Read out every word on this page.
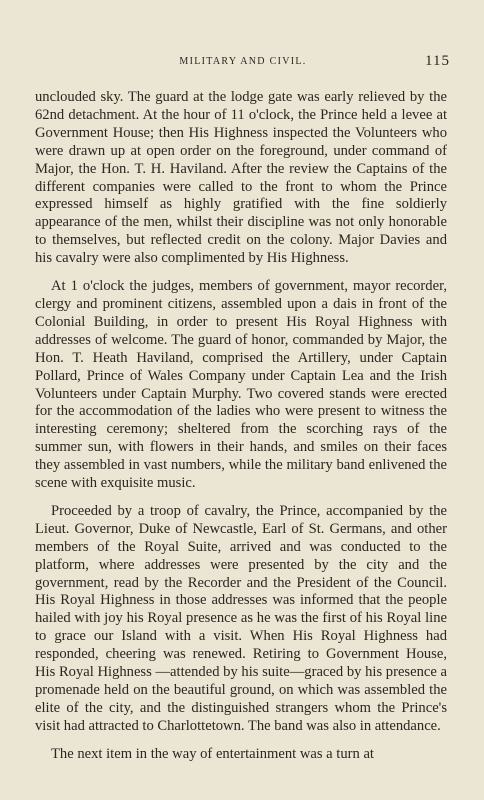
MILITARY AND CIVIL.	115

unclouded sky. The guard at the lodge gate was early relieved by the 62nd detachment. At the hour of 11 o'clock, the Prince held a levee at Government House; then His Highness inspected the Volunteers who were drawn up at open order on the foreground, under command of Major, the Hon. T. H. Haviland. After the review the Captains of the different companies were called to the front to whom the Prince expressed himself as highly gratified with the fine soldierly appearance of the men, whilst their discipline was not only honorable to themselves, but reflected credit on the colony. Major Davies and his cavalry were also complimented by His Highness.

At 1 o'clock the judges, members of government, mayor recorder, clergy and prominent citizens, assembled upon a dais in front of the Colonial Building, in order to present His Royal Highness with addresses of welcome. The guard of honor, commanded by Major, the Hon. T. Heath Haviland, comprised the Artillery, under Captain Pollard, Prince of Wales Company under Captain Lea and the Irish Volunteers under Captain Murphy. Two covered stands were erected for the accommodation of the ladies who were present to witness the interesting ceremony; sheltered from the scorching rays of the summer sun, with flowers in their hands, and smiles on their faces they assembled in vast numbers, while the military band enlivened the scene with exquisite music.

Proceeded by a troop of cavalry, the Prince, accompanied by the Lieut. Governor, Duke of Newcastle, Earl of St. Germans, and other members of the Royal Suite, arrived and was conducted to the platform, where addresses were presented by the city and the government, read by the Recorder and the President of the Council. His Royal Highness in those addresses was informed that the people hailed with joy his Royal presence as he was the first of his Royal line to grace our Island with a visit. When His Royal Highness had responded, cheering was renewed. Retiring to Government House, His Royal Highness —attended by his suite—graced by his presence a promenade held on the beautiful ground, on which was assembled the elite of the city, and the distinguished strangers whom the Prince's visit had attracted to Charlottetown. The band was also in attendance.

The next item in the way of entertainment was a turn at
